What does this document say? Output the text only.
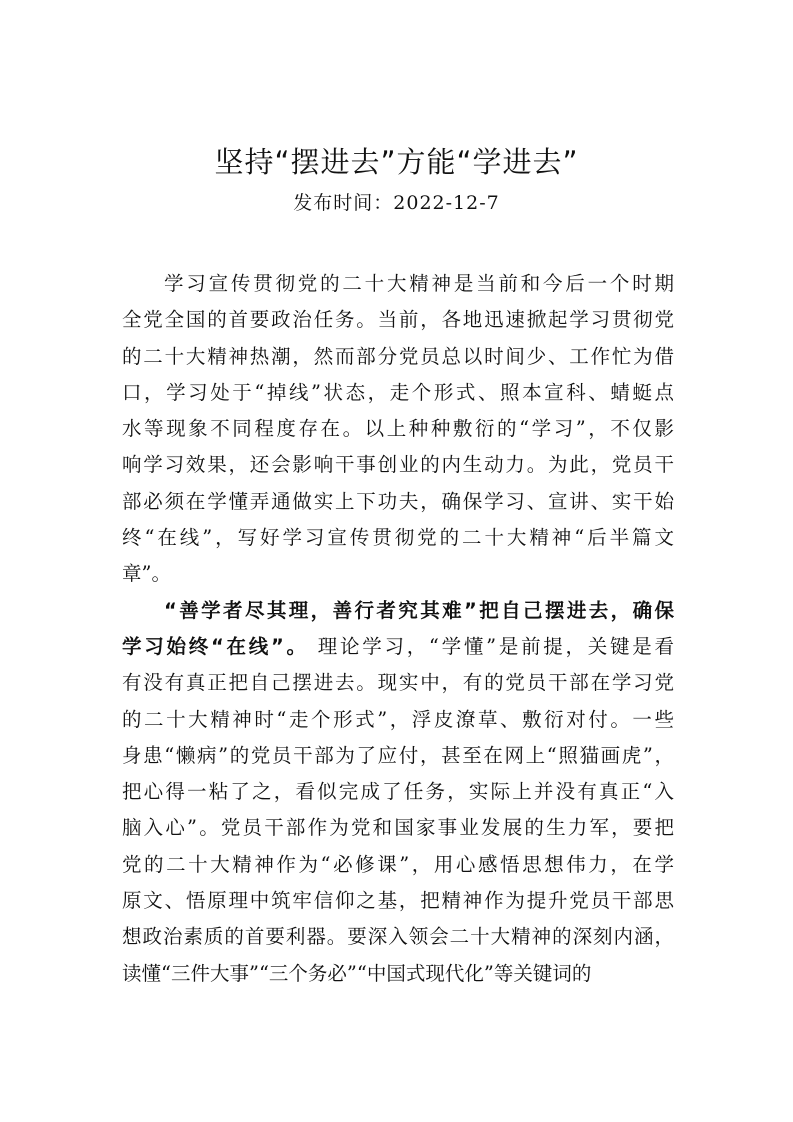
坚持“摆进去”方能“学进去”
发布时间：2022-12-7
学习宣传贯彻党的二十大精神是当前和今后一个时期
全党全国的首要政治任务。当前，各地迅速掀起学习贯彻党
的二十大精神热潮，然而部分党员总以时间少、工作忙为借
口，学习处于“掉线”状态，走个形式、照本宣科、蜻蜓点
水等现象不同程度存在。以上种种敷衍的“学习”，不仅影
响学习效果，还会影响干事创业的内生动力。为此，党员干
部必须在学懂弄通做实上下功夫，确保学习、宣讲、实干始
终“在线”，写好学习宣传贯彻党的二十大精神“后半篇文
章”。
“善学者尽其理，善行者究其难”把自己摆进去，确保
学习始终“在线”。 理论学习，“学懂”是前提，关键是看
有没有真正把自己摆进去。现实中，有的党员干部在学习党
的二十大精神时“走个形式”，浮皮潦草、敷衍对付。一些
身患“懒病”的党员干部为了应付，甚至在网上“照猫画虎”，
把心得一粘了之，看似完成了任务，实际上并没有真正“入
脑入心”。党员干部作为党和国家事业发展的生力军，要把
党的二十大精神作为“必修课”，用心感悟思想伟力，在学
原文、悟原理中筑牢信仰之基，把精神作为提升党员干部思
想政治素质的首要利器。要深入领会二十大精神的深刻内涵，
读懂“三件大事”“三个务必”“中国式现代化”等关键词的
